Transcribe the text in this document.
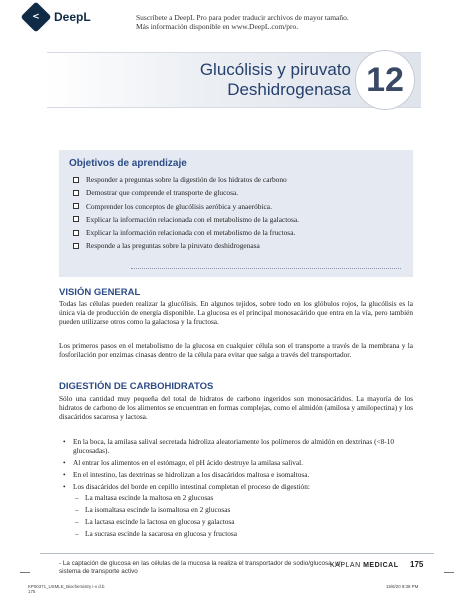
< DeepL	Suscríbete a DeepL Pro para poder traducir archivos de mayor tamaño.
Más información disponible en www.DeepL.com/pro.
Glucólisis y piruvato
Deshidrogenasa 12
Objetivos de aprendizaje
Responder a preguntas sobre la digestión de los hidratos de carbono
Demostrar que comprende el transporte de glucosa.
Comprender los conceptos de glucólisis aeróbica y anaeróbica.
Explicar la información relacionada con el metabolismo de la galactosa.
Explicar la información relacionada con el metabolismo de la fructosa.
Responde a las preguntas sobre la piruvato deshidrogenasa
VISIÓN GENERAL

Todas las células pueden realizar la glucólisis. En algunos tejidos, sobre todo en los glóbulos rojos, la glucólisis es la única vía de producción de energía disponible. La glucosa es el principal monosacárido que entra en la vía, pero también pueden utilizarse otros como la galactosa y la fructosa.

Los primeros pasos en el metabolismo de la glucosa en cualquier célula son el transporte a través de la membrana y la fosforilación por enzimas cinasas dentro de la célula para evitar que salga a través del transportador.

DIGESTIÓN DE CARBOHIDRATOS

Sólo una cantidad muy pequeña del total de hidratos de carbono ingeridos son monosacáridos. La mayoría de los hidratos de carbono de los alimentos se encuentran en formas complejas, como el almidón (amilosa y amilopectina) y los disacáridos sacarosa y lactosa.

• En la boca, la amilasa salival secretada hidroliza aleatoriamente los polímeros de almidón en dextrinas (<8-10 glucosadas).
• Al entrar los alimentos en el estómago, el pH ácido destruye la amilasa salival.
• En el intestino, las dextrinas se hidrolizan a los disacáridos maltosa e isomaltosa.
• Los disacáridos del borde en cepillo intestinal completan el proceso de digestión:
– La maltasa escinde la maltosa en 2 glucosas
– La isomaltasa escinde la isomaltosa en 2 glucosas
– La lactasa escinde la lactosa en glucosa y galactosa
– La sucrasa escinde la sacarosa en glucosa y fructosa
- La captación de glucosa en las células de la mucosa la realiza el transportador de sodio/glucosa, un sistema de transporte activo
KAPLAN MEDICAL 175
KP00371_USMLE_Biochemistry i-x d.b
175
15/8/20 9:38 PM
